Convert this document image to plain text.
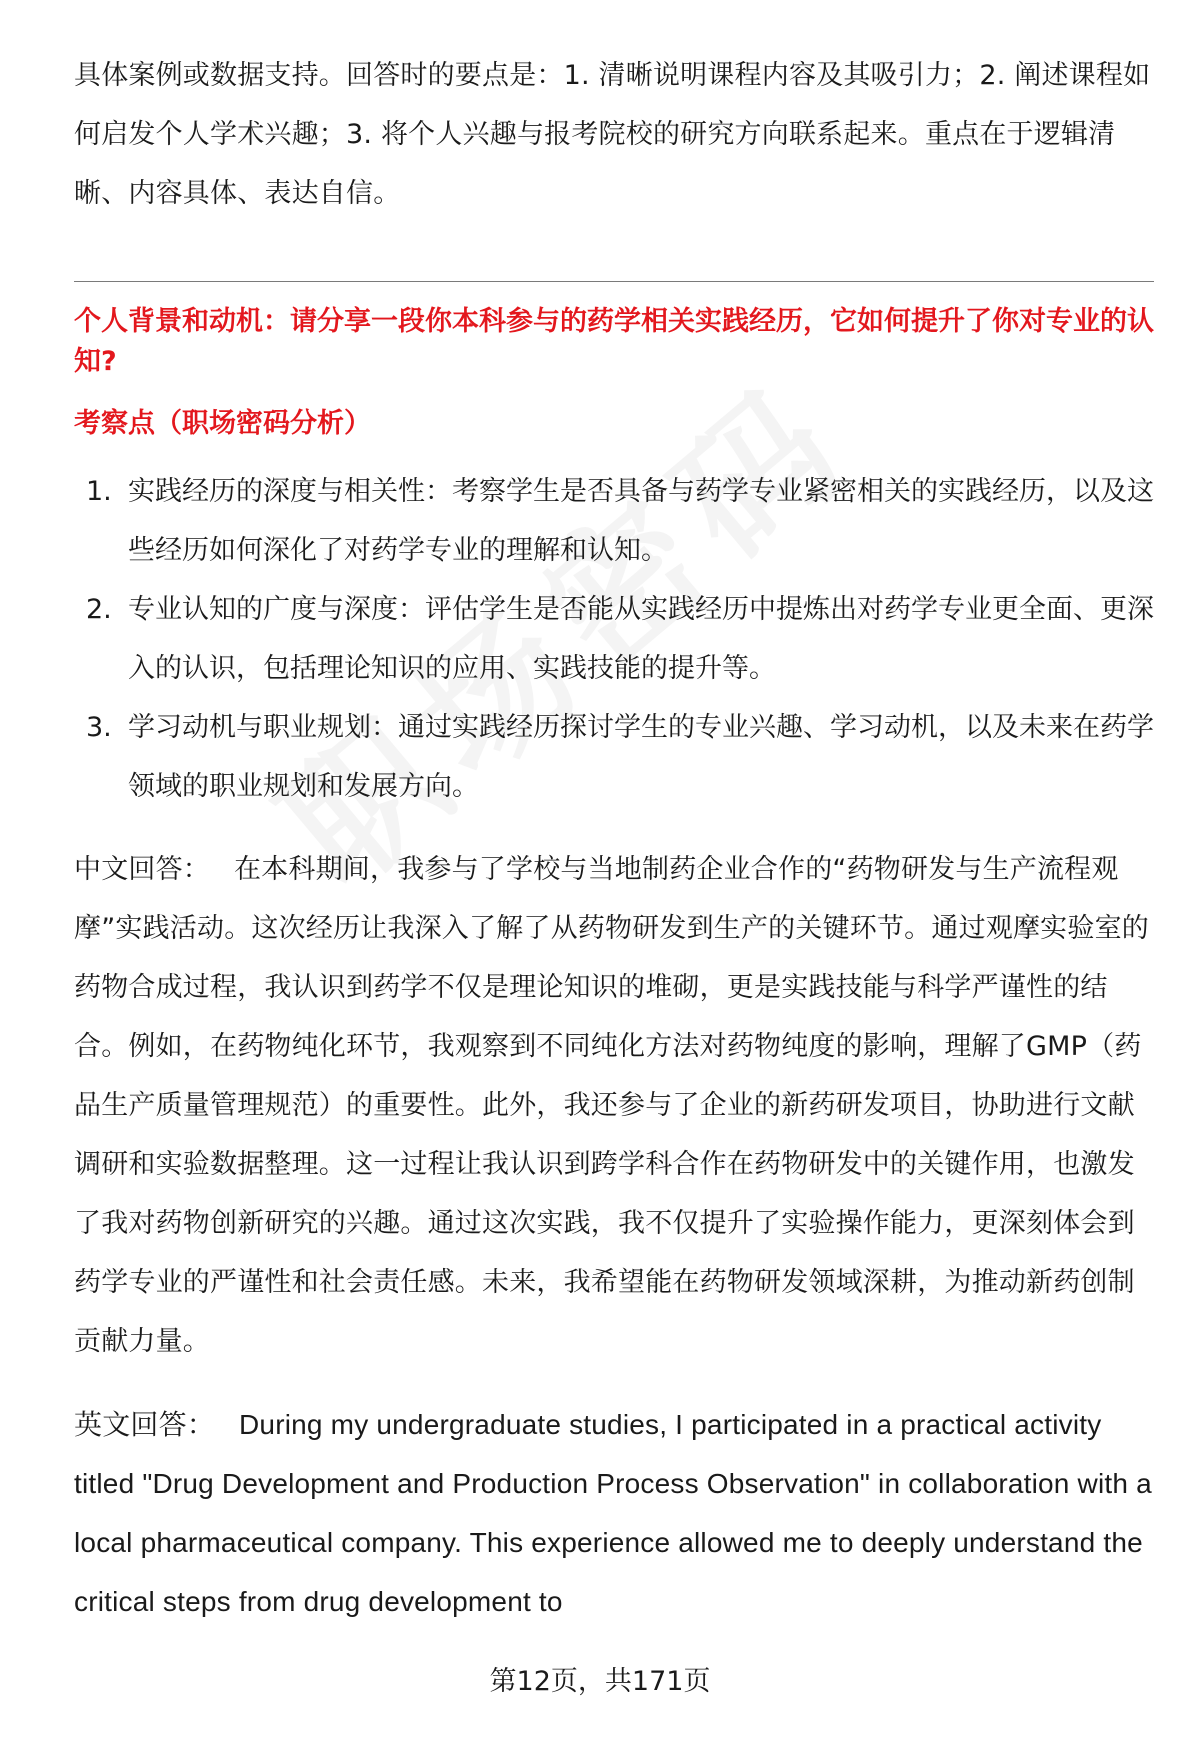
具体案例或数据支持。回答时的要点是：1. 清晰说明课程内容及其吸引力；2. 阐述课程如何启发个人学术兴趣；3. 将个人兴趣与报考院校的研究方向联系起来。重点在于逻辑清晰、内容具体、表达自信。

个人背景和动机：请分享一段你本科参与的药学相关实践经历，它如何提升了你对专业的认知?

考察点（职场密码分析）

1. 实践经历的深度与相关性：考察学生是否具备与药学专业紧密相关的实践经历，以及这些经历如何深化了对药学专业的理解和认知。
2. 专业认知的广度与深度：评估学生是否能从实践经历中提炼出对药学专业更全面、更深入的认识，包括理论知识的应用、实践技能的提升等。
3. 学习动机与职业规划：通过实践经历探讨学生的专业兴趣、学习动机，以及未来在药学领域的职业规划和发展方向。

中文回答： 在本科期间，我参与了学校与当地制药企业合作的“药物研发与生产流程观摩”实践活动。这次经历让我深入了解了从药物研发到生产的关键环节。通过观摩实验室的药物合成过程，我认识到药学不仅是理论知识的堆砌，更是实践技能与科学严谨性的结合。例如，在药物纯化环节，我观察到不同纯化方法对药物纯度的影响，理解了GMP（药品生产质量管理规范）的重要性。此外，我还参与了企业的新药研发项目，协助进行文献调研和实验数据整理。这一过程让我认识到跨学科合作在药物研发中的关键作用，也激发了我对药物创新研究的兴趣。通过这次实践，我不仅提升了实验操作能力，更深刻体会到药学专业的严谨性和社会责任感。未来，我希望能在药物研发领域深耕，为推动新药创制贡献力量。

英文回答： During my undergraduate studies, I participated in a practical activity titled "Drug Development and Production Process Observation" in collaboration with a local pharmaceutical company. This experience allowed me to deeply understand the critical steps from drug development to

第12页，共171页
